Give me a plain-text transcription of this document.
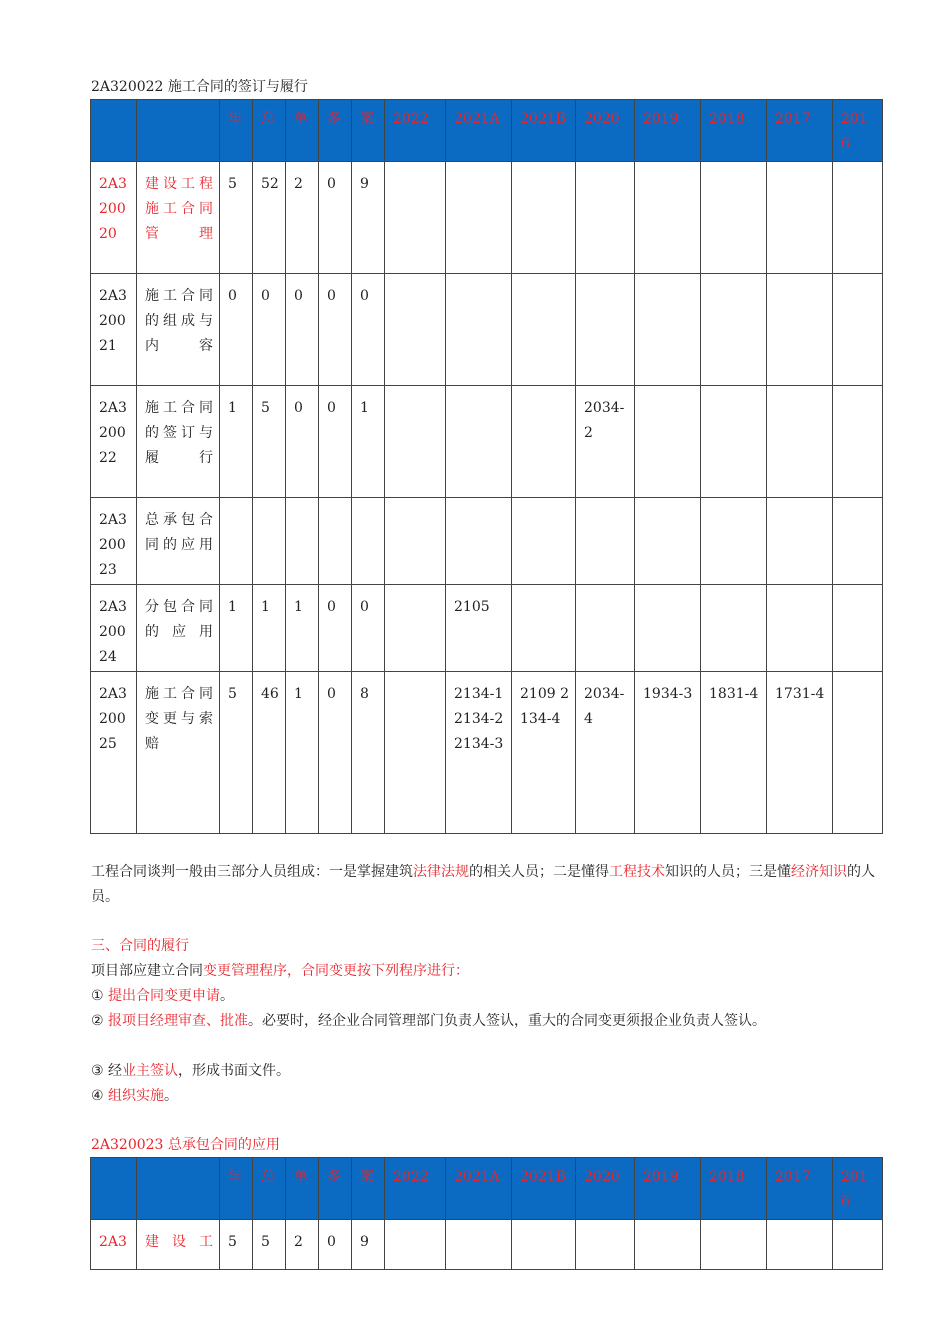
2A320022 施工合同的签订与履行
		年	总	单	多	案	2022	2021A	2021B	2020	2019	2018	2017	2016
2A320020	建设工程施工合同管理	5	52	2	0	9								
2A320021	施工合同的组成与内容	0	0	0	0	0								
2A320022	施工合同的签订与履行	1	5	0	0	1				2034-2				
2A320023	总承包合同的应用													
2A320024	分包合同的应用	1	1	1	0	0		2105						
2A320025	施工合同变更与索赔	5	46	1	0	8		2134-1 2134-2 2134-3	2109 2134-4	2034-4	1934-3	1831-4	1731-4	
工程合同谈判一般由三部分人员组成：一是掌握建筑法律法规的相关人员；二是懂得工程技术知识的人员；三是懂经济知识的人员。
三、合同的履行
项目部应建立合同变更管理程序，合同变更按下列程序进行：
① 提出合同变更申请。
② 报项目经理审查、批准。必要时，经企业合同管理部门负责人签认，重大的合同变更须报企业负责人签认。
③ 经业主签认，形成书面文件。
④ 组织实施。
2A320023 总承包合同的应用
		年	总	单	多	案	2022	2021A	2021B	2020	2019	2018	2017	2016
2A3	建设工	5	5	2	0	9								
